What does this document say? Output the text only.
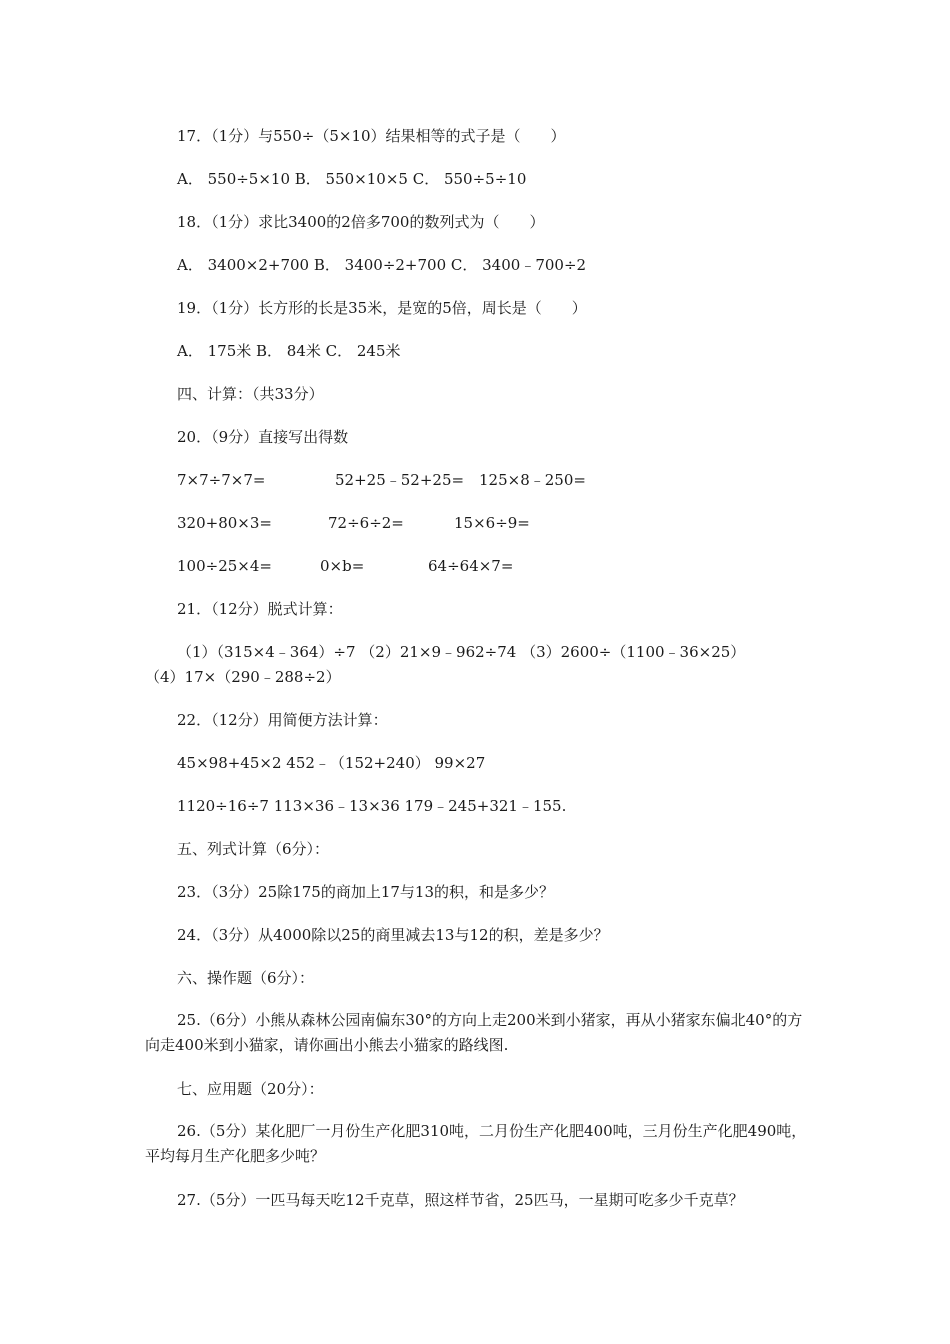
17．（1分）与550÷（5×10）结果相等的式子是（　　）
A． 550÷5×10 B． 550×10×5 C． 550÷5÷10
18．（1分）求比3400的2倍多700的数列式为（　　）
A． 3400×2+700 B． 3400÷2+700 C． 3400﹣700÷2
19．（1分）长方形的长是35米，是宽的5倍，周长是（　　）
A． 175米 B． 84米 C． 245米
四、计算：（共33分）
20．（9分）直接写出得数
7×7÷7×7=	52+25﹣52+25= 125×8﹣250=
320+80×3=	72÷6÷2=	15×6÷9=
100÷25×4=	0×b=	64÷64×7=
21．（12分）脱式计算：
（1）（315×4﹣364）÷7 （2）21×9﹣962÷74 （3）2600÷（1100﹣36×25）
（4）17×（290﹣288÷2）
22．（12分）用简便方法计算：
45×98+45×2 452﹣（152+240） 99×27
1120÷16÷7 113×36﹣13×36 179﹣245+321﹣155.
五、列式计算（6分）：
23．（3分）25除175的商加上17与13的积，和是多少？
24．（3分）从4000除以25的商里减去13与12的积，差是多少？
六、操作题（6分）：
25.（6分）小熊从森林公园南偏东30°的方向上走200米到小猪家，再从小猪家东偏北40°的方向走400米到小猫家，请你画出小熊去小猫家的路线图.
七、应用题（20分）：
26.（5分）某化肥厂一月份生产化肥310吨，二月份生产化肥400吨，三月份生产化肥490吨，平均每月生产化肥多少吨？
27.（5分）一匹马每天吃12千克草，照这样节省，25匹马，一星期可吃多少千克草？
